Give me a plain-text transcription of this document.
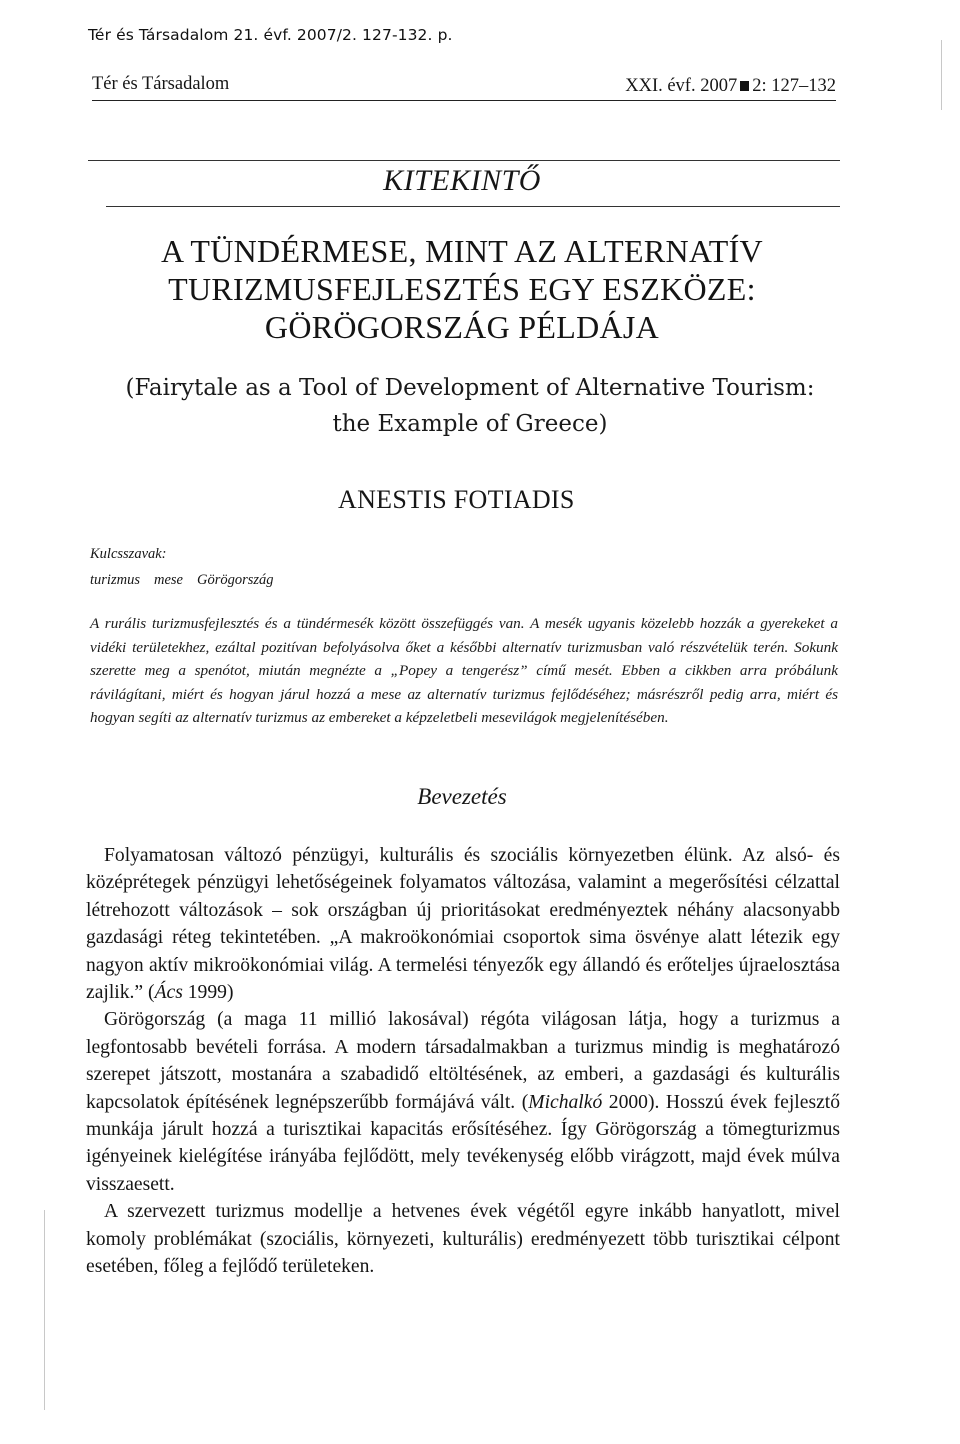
Tér és Társadalom 21. évf. 2007/2. 127-132. p.
Tér és Társadalom	XXI. évf. 2007 2: 127–132
KITEKINTŐ
A TÜNDÉRMESE, MINT AZ ALTERNATÍV
TURIZMUSFEJLESZTÉS EGY ESZKÖZE:
GÖRÖGORSZÁG PÉLDÁJA
(Fairytale as a Tool of Development of Alternative Tourism:
the Example of Greece)
ANESTIS FOTIADIS
Kulcsszavak:
turizmus mese Görögország
A rurális turizmusfejlesztés és a tündérmesék között összefüggés van. A mesék ugyanis közelebb hozzák a gyerekeket a vidéki területekhez, ezáltal pozitívan befolyásolva őket a későbbi alternatív turizmusban való részvételük terén. Sokunk szerette meg a spenótot, miután megnézte a „Popey a tengerész” című mesét. Ebben a cikkben arra próbálunk rávilágítani, miért és hogyan járul hozzá a mese az alternatív turizmus fejlődéséhez; másrészről pedig arra, miért és hogyan segíti az alternatív turizmus az embereket a képzeletbeli mesevilágok megjelenítésében.
Bevezetés

Folyamatosan változó pénzügyi, kulturális és szociális környezetben élünk. Az alsó- és középrétegek pénzügyi lehetőségeinek folyamatos változása, valamint a megerősítési célzattal létrehozott változások – sok országban új prioritásokat eredményeztek néhány alacsonyabb gazdasági réteg tekintetében. „A makroökonómiai csoportok sima ösvénye alatt létezik egy nagyon aktív mikroökonómiai világ. A termelési tényezők egy állandó és erőteljes újraelosztása zajlik.” (Ács 1999)

Görögország (a maga 11 millió lakosával) régóta világosan látja, hogy a turizmus a legfontosabb bevételi forrása. A modern társadalmakban a turizmus mindig is meghatározó szerepet játszott, mostanára a szabadidő eltöltésének, az emberi, a gazdasági és kulturális kapcsolatok építésének legnépszerűbb formájává vált. (Michalkó 2000). Hosszú évek fejlesztő munkája járult hozzá a turisztikai kapacitás erősítéséhez. Így Görögország a tömegturizmus igényeinek kielégítése irányába fejlődött, mely tevékenység előbb virágzott, majd évek múlva visszaesett.

A szervezett turizmus modellje a hetvenes évek végétől egyre inkább hanyatlott, mivel komoly problémákat (szociális, környezeti, kulturális) eredményezett több turisztikai célpont esetében, főleg a fejlődő területeken.
